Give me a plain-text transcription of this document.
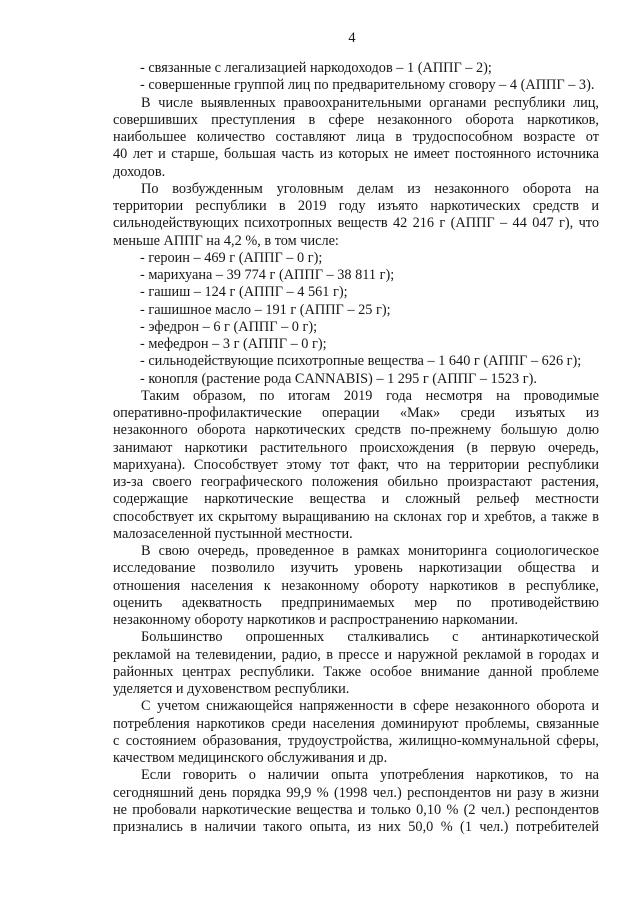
4
- связанные с легализацией наркодоходов – 1 (АППГ – 2);
- совершенные группой лиц по предварительному сговору – 4 (АППГ – 3).
В числе выявленных правоохранительными органами республики лиц,
совершивших преступления в сфере незаконного оборота наркотиков,
наибольшее количество составляют лица в трудоспособном возрасте от
40 лет и старше, большая часть из которых не имеет постоянного источника
доходов.
По возбужденным уголовным делам из незаконного оборота на
территории республики в 2019 году изъято наркотических средств и
сильнодействующих психотропных веществ 42 216 г (АППГ – 44 047 г), что
меньше АППГ на 4,2 %, в том числе:
- героин – 469 г (АППГ – 0 г);
- марихуана – 39 774 г (АППГ – 38 811 г);
- гашиш – 124 г (АППГ – 4 561 г);
- гашишное масло – 191 г (АППГ – 25 г);
- эфедрон – 6 г (АППГ – 0 г);
- мефедрон – 3 г (АППГ – 0 г);
- сильнодействующие психотропные вещества – 1 640 г (АППГ – 626 г);
- конопля (растение рода CANNABIS) – 1 295 г (АППГ – 1523 г).
Таким образом, по итогам 2019 года несмотря на проводимые
оперативно-профилактические операции «Мак» среди изъятых из
незаконного оборота наркотических средств по-прежнему большую долю
занимают наркотики растительного происхождения (в первую очередь,
марихуана). Способствует этому тот факт, что на территории республики
из-за своего географического положения обильно произрастают растения,
содержащие наркотические вещества и сложный рельеф местности
способствует их скрытому выращиванию на склонах гор и хребтов, а также в
малозаселенной пустынной местности.
В свою очередь, проведенное в рамках мониторинга социологическое
исследование позволило изучить уровень наркотизации общества и
отношения населения к незаконному обороту наркотиков в республике,
оценить адекватность предпринимаемых мер по противодействию
незаконному обороту наркотиков и распространению наркомании.
Большинство опрошенных сталкивались с антинаркотической
рекламой на телевидении, радио, в прессе и наружной рекламой в городах и
районных центрах республики. Также особое внимание данной проблеме
уделяется и духовенством республики.
С учетом снижающейся напряженности в сфере незаконного оборота и
потребления наркотиков среди населения доминируют проблемы, связанные
с состоянием образования, трудоустройства, жилищно-коммунальной сферы,
качеством медицинского обслуживания и др.
Если говорить о наличии опыта употребления наркотиков, то на
сегодняшний день порядка 99,9 % (1998 чел.) респондентов ни разу в жизни
не пробовали наркотические вещества и только 0,10 % (2 чел.) респондентов
признались в наличии такого опыта, из них 50,0 % (1 чел.) потребителей
